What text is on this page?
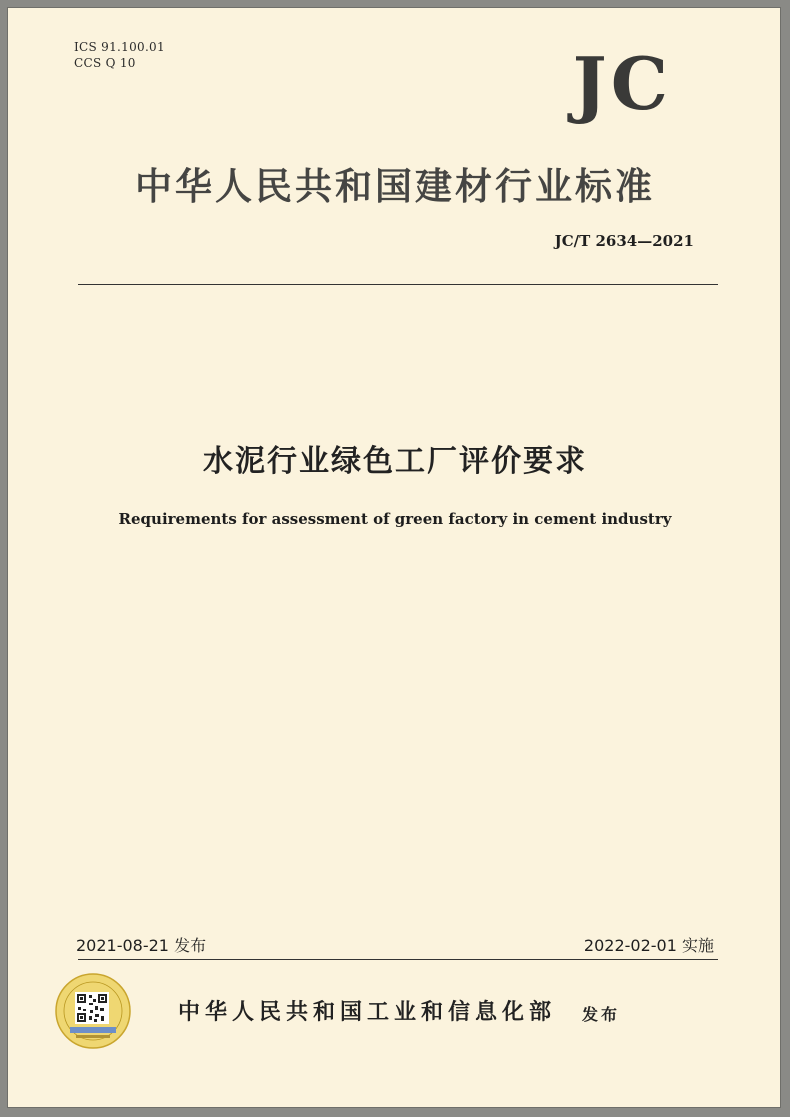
ICS 91.100.01
CCS Q 10	JC
中华人民共和国建材行业标准
JC/T 2634—2021
水泥行业绿色工厂评价要求
Requirements for assessment of green factory in cement industry
2021-08-21 发布	2022-02-01 实施
中华人民共和国工业和信息化部 发布
